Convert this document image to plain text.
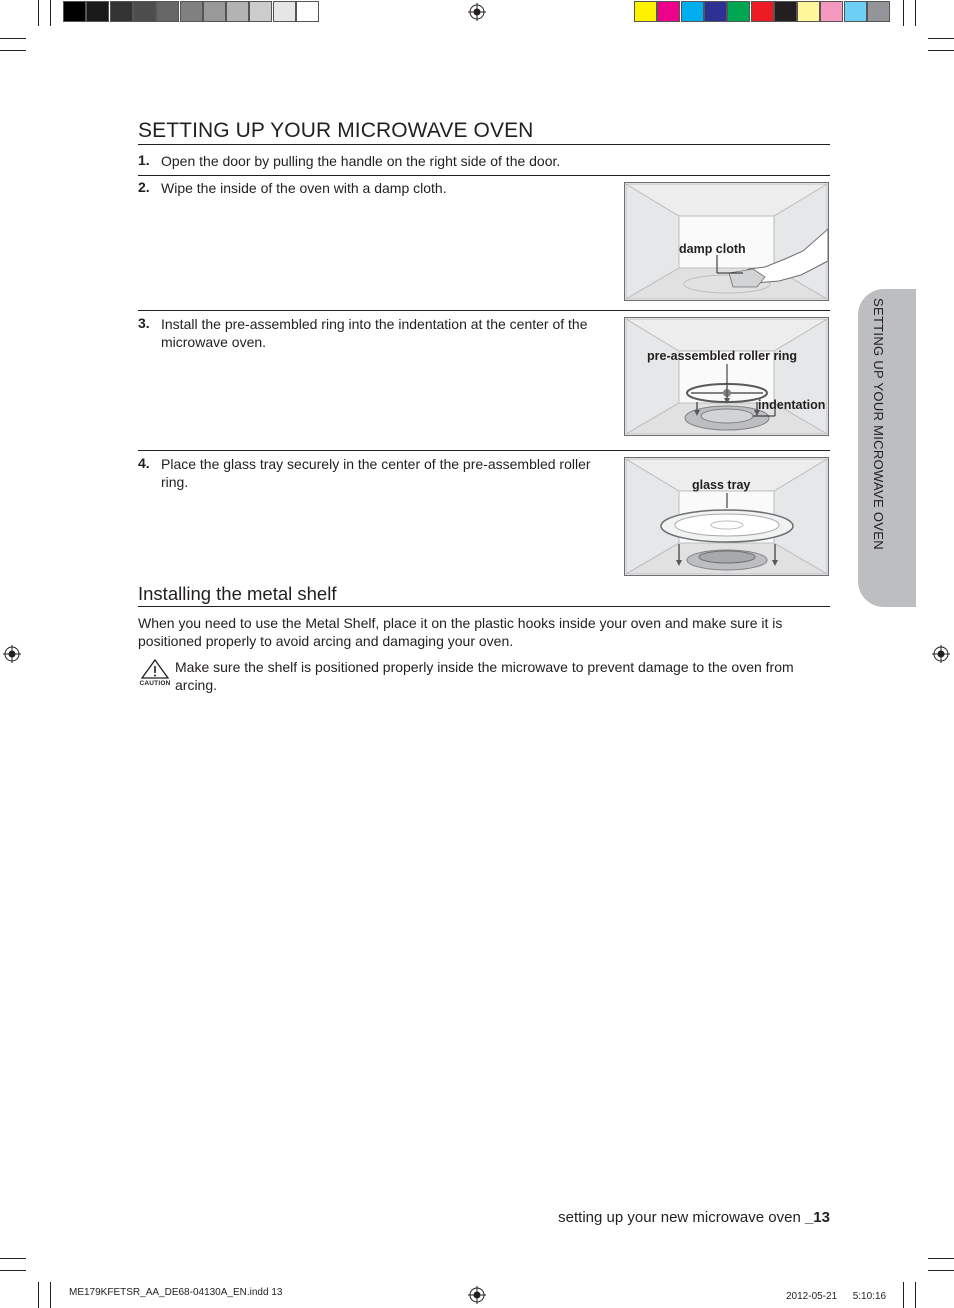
SETTING UP YOUR MICROWAVE OVEN
1. Open the door by pulling the handle on the right side of the door.
2. Wipe the inside of the oven with a damp cloth.
damp cloth
3. Install the pre-assembled ring into the indentation at the center of the microwave oven.
pre-assembled roller ring
indentation
4. Place the glass tray securely in the center of the pre-assembled roller ring.	glass tray
Installing the metal shelf
When you need to use the Metal Shelf, place it on the plastic hooks inside your oven and make sure it is positioned properly to avoid arcing and damaging your oven.
CAUTION
Make sure the shelf is positioned properly inside the microwave to prevent damage to the oven from arcing.
SETTING UP YOUR MICROWAVE OVEN
setting up your new microwave oven _13
ME179KFETSR_AA_DE68-04130A_EN.indd 13	2012-05-21 　 5:10:16
